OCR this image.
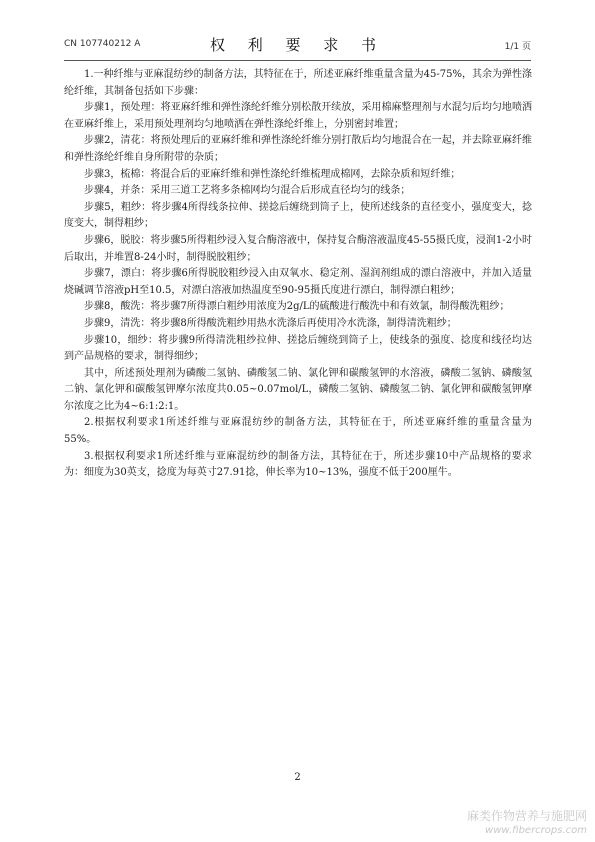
CN 107740212 A	权 利 要 求 书	1/1 页

1.一种纤维与亚麻混纺纱的制备方法，其特征在于，所述亚麻纤维重量含量为45-75%，其余为弹性涤纶纤维，其制备包括如下步骤：

步骤1，预处理：将亚麻纤维和弹性涤纶纤维分别松散开续放，采用棉麻整理剂与水混匀后均匀地喷洒在亚麻纤维上，采用预处理剂均匀地喷洒在弹性涤纶纤维上，分别密封堆置；

步骤2，清花：将预处理后的亚麻纤维和弹性涤纶纤维分别打散后均匀地混合在一起，并去除亚麻纤维和弹性涤纶纤维自身所附带的杂质；

步骤3，梳棉：将混合后的亚麻纤维和弹性涤纶纤维梳理成棉网，去除杂质和短纤维；

步骤4，并条：采用三道工艺将多条棉网均匀混合后形成直径均匀的线条；

步骤5，粗纱：将步骤4所得线条拉伸、搓捻后缠绕到筒子上，使所述线条的直径变小，强度变大，捻度变大，制得粗纱；

步骤6，脱胶：将步骤5所得粗纱浸入复合酶溶液中，保持复合酶溶液温度45-55摄氏度，浸润1-2小时后取出，并堆置8-24小时，制得脱胶粗纱；

步骤7，漂白：将步骤6所得脱胶粗纱浸入由双氧水、稳定剂、湿润剂组成的漂白溶液中，并加入适量烧碱调节溶液pH至10.5，对漂白溶液加热温度至90-95摄氏度进行漂白，制得漂白粗纱；

步骤8，酸洗：将步骤7所得漂白粗纱用浓度为2g/L的硫酸进行酸洗中和有效氯，制得酸洗粗纱；

步骤9，清洗：将步骤8所得酸洗粗纱用热水洗涤后再使用冷水洗涤，制得清洗粗纱；

步骤10，细纱：将步骤9所得清洗粗纱拉伸、搓捻后缠绕到筒子上，使线条的强度、捻度和线径均达到产品规格的要求，制得细纱；

其中，所述预处理剂为磷酸二氢钠、磷酸氢二钠、氯化钾和碳酸氢钾的水溶液，磷酸二氢钠、磷酸氢二钠、氯化钾和碳酸氢钾摩尔浓度共0.05~0.07mol/L，磷酸二氢钠、磷酸氢二钠、氯化钾和碳酸氢钾摩尔浓度之比为4~6:1:2:1。

2.根据权利要求1所述纤维与亚麻混纺纱的制备方法，其特征在于，所述亚麻纤维的重量含量为55%。

3.根据权利要求1所述纤维与亚麻混纺纱的制备方法，其特征在于，所述步骤10中产品规格的要求为：细度为30英支，捻度为每英寸27.91捻，伸长率为10~13%，强度不低于200厘牛。

2
麻类作物营养与施肥网
www.fibercrops.com
